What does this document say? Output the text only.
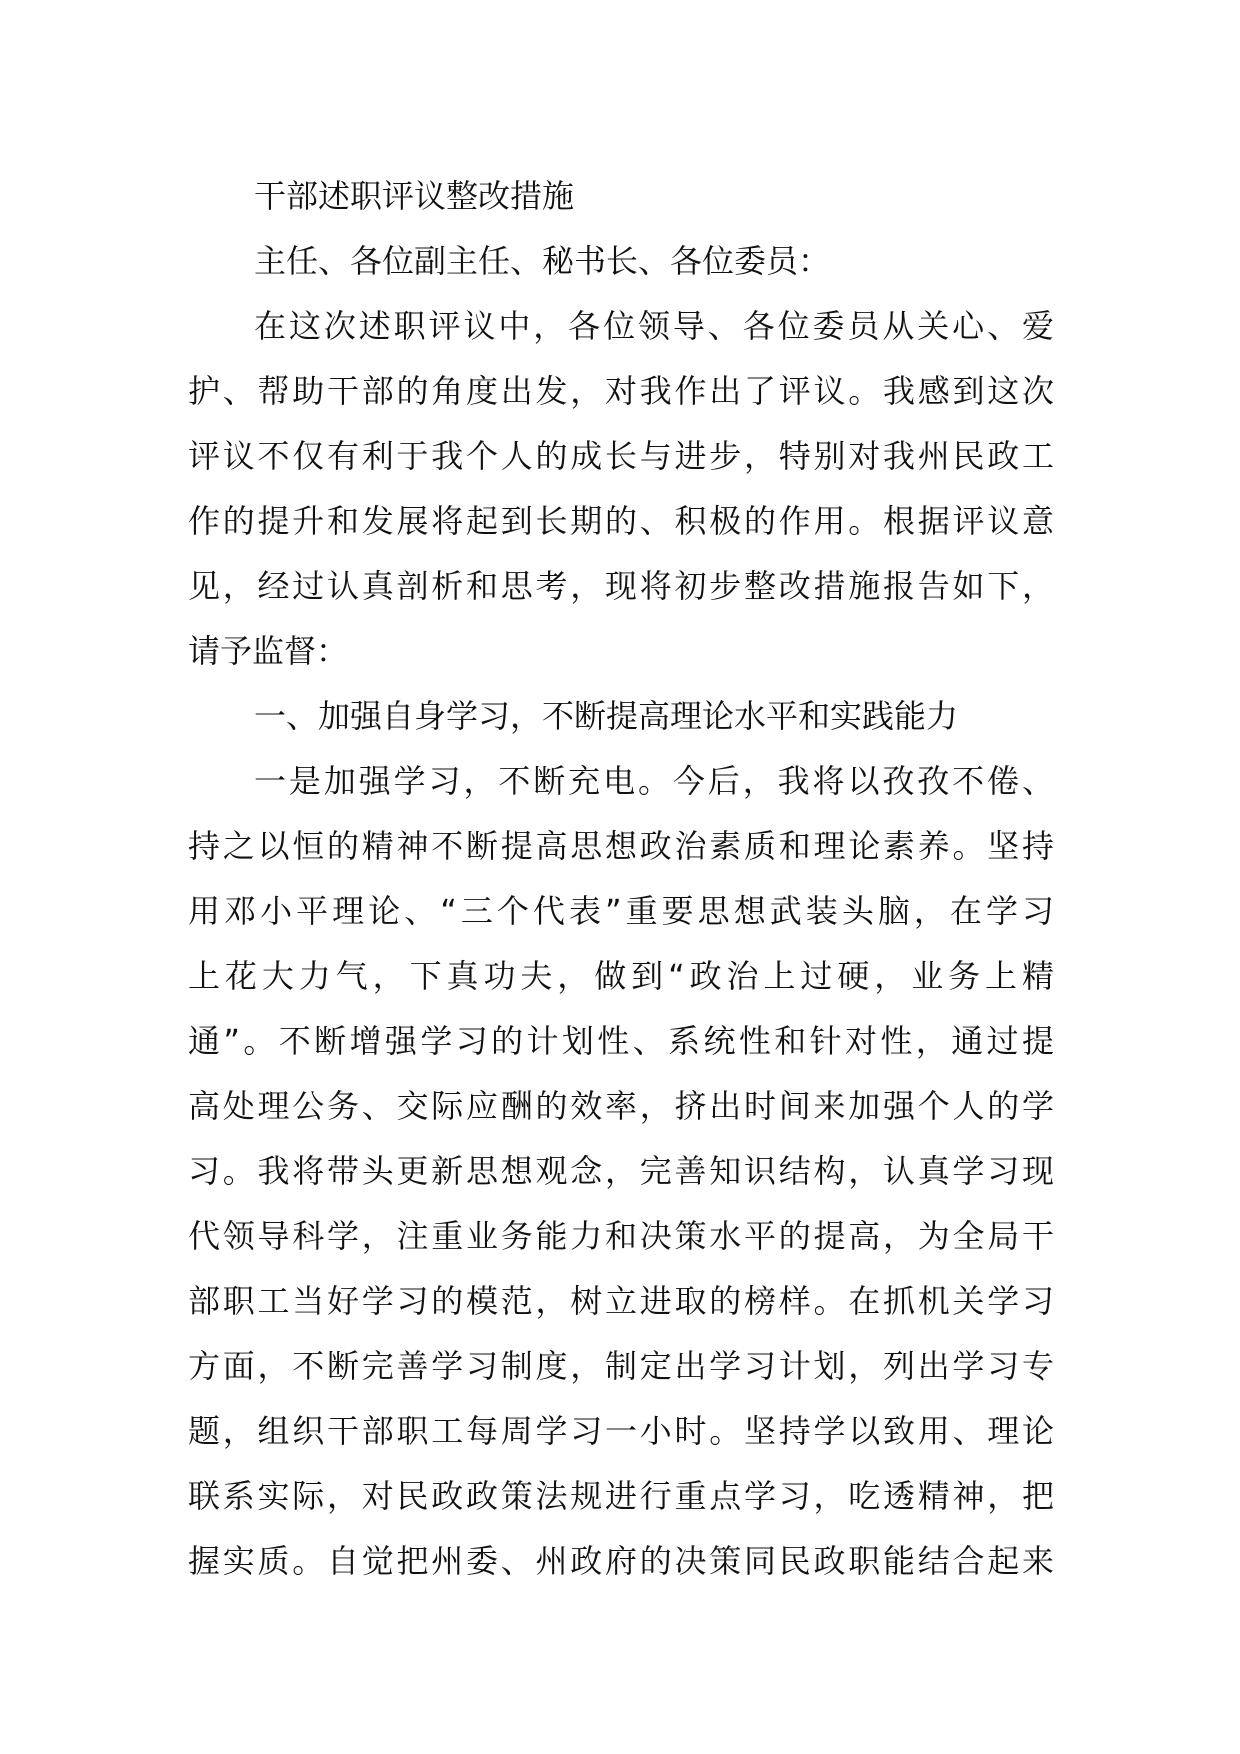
干部述职评议整改措施
主任、各位副主任、秘书长、各位委员：
在这次述职评议中，各位领导、各位委员从关心、爱
护、帮助干部的角度出发，对我作出了评议。我感到这次
评议不仅有利于我个人的成长与进步，特别对我州民政工
作的提升和发展将起到长期的、积极的作用。根据评议意
见，经过认真剖析和思考，现将初步整改措施报告如下，
请予监督：
一、加强自身学习，不断提高理论水平和实践能力
一是加强学习，不断充电。今后，我将以孜孜不倦、
持之以恒的精神不断提高思想政治素质和理论素养。坚持
用邓小平理论、“三个代表”重要思想武装头脑，在学习
上花大力气，下真功夫，做到“政治上过硬，业务上精
通”。不断增强学习的计划性、系统性和针对性，通过提
高处理公务、交际应酬的效率，挤出时间来加强个人的学
习。我将带头更新思想观念，完善知识结构，认真学习现
代领导科学，注重业务能力和决策水平的提高，为全局干
部职工当好学习的模范，树立进取的榜样。在抓机关学习
方面，不断完善学习制度，制定出学习计划，列出学习专
题，组织干部职工每周学习一小时。坚持学以致用、理论
联系实际，对民政政策法规进行重点学习，吃透精神，把
握实质。自觉把州委、州政府的决策同民政职能结合起来
